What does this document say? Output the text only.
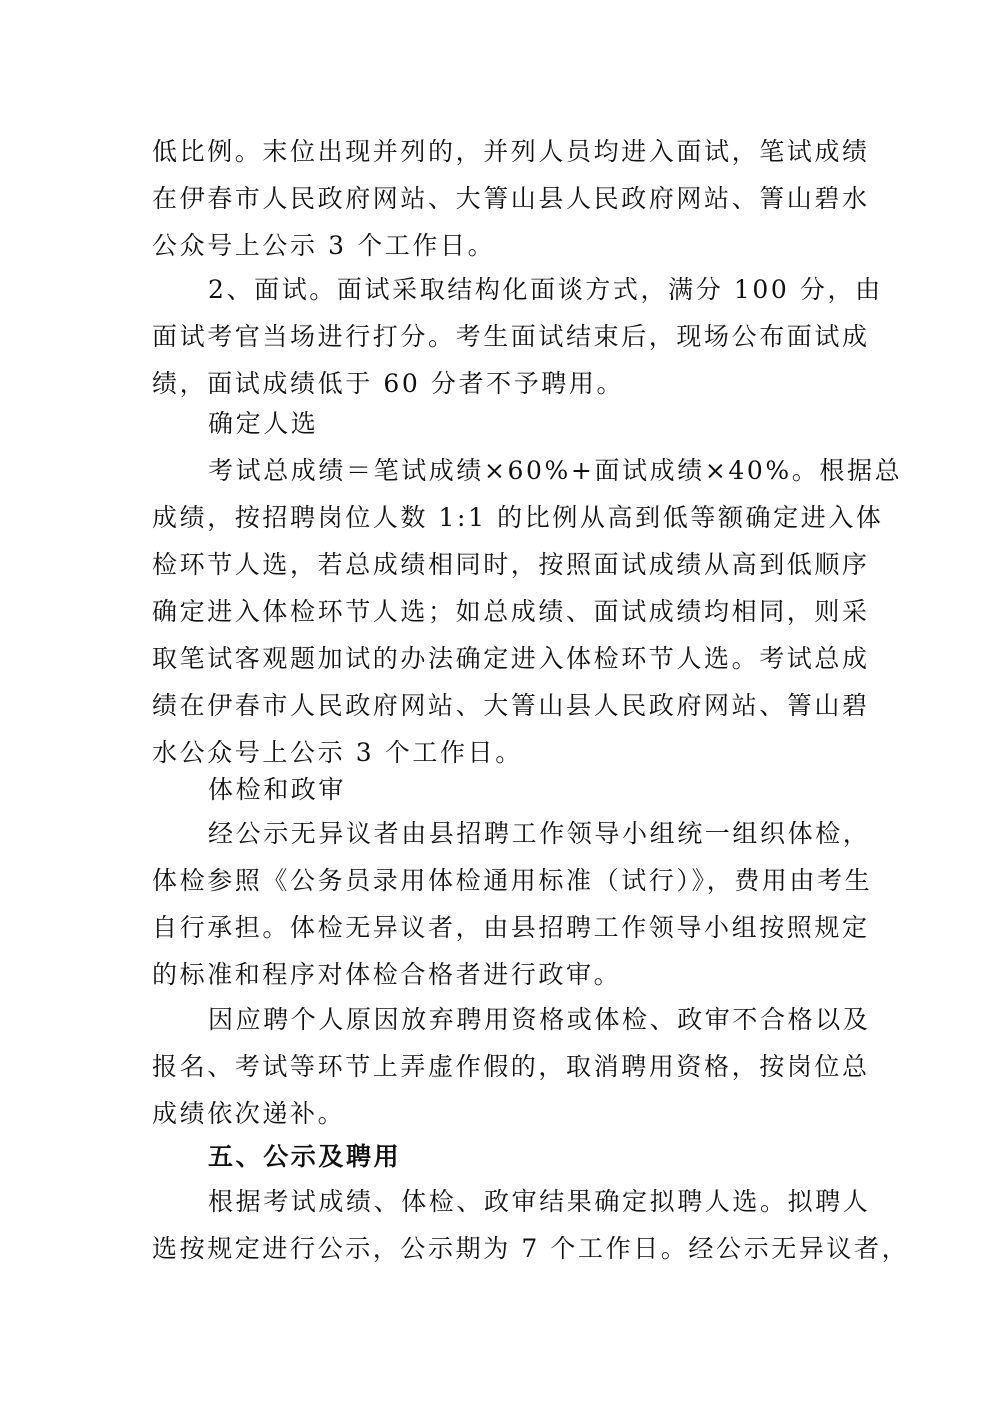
低比例。末位出现并列的，并列人员均进入面试，笔试成绩
在伊春市人民政府网站、大箐山县人民政府网站、箐山碧水
公众号上公示 3 个工作日。

2、面试。面试采取结构化面谈方式，满分 100 分，由
面试考官当场进行打分。考生面试结束后，现场公布面试成
绩，面试成绩低于 60 分者不予聘用。

确定人选

考试总成绩＝笔试成绩×60%+面试成绩×40%。根据总
成绩，按招聘岗位人数 1:1 的比例从高到低等额确定进入体
检环节人选，若总成绩相同时，按照面试成绩从高到低顺序
确定进入体检环节人选；如总成绩、面试成绩均相同，则采
取笔试客观题加试的办法确定进入体检环节人选。考试总成
绩在伊春市人民政府网站、大箐山县人民政府网站、箐山碧
水公众号上公示 3 个工作日。

体检和政审

经公示无异议者由县招聘工作领导小组统一组织体检，
体检参照《公务员录用体检通用标准（试行）》，费用由考生
自行承担。体检无异议者，由县招聘工作领导小组按照规定
的标准和程序对体检合格者进行政审。

因应聘个人原因放弃聘用资格或体检、政审不合格以及
报名、考试等环节上弄虚作假的，取消聘用资格，按岗位总
成绩依次递补。

五、公示及聘用

根据考试成绩、体检、政审结果确定拟聘人选。拟聘人
选按规定进行公示，公示期为 7 个工作日。经公示无异议者，
